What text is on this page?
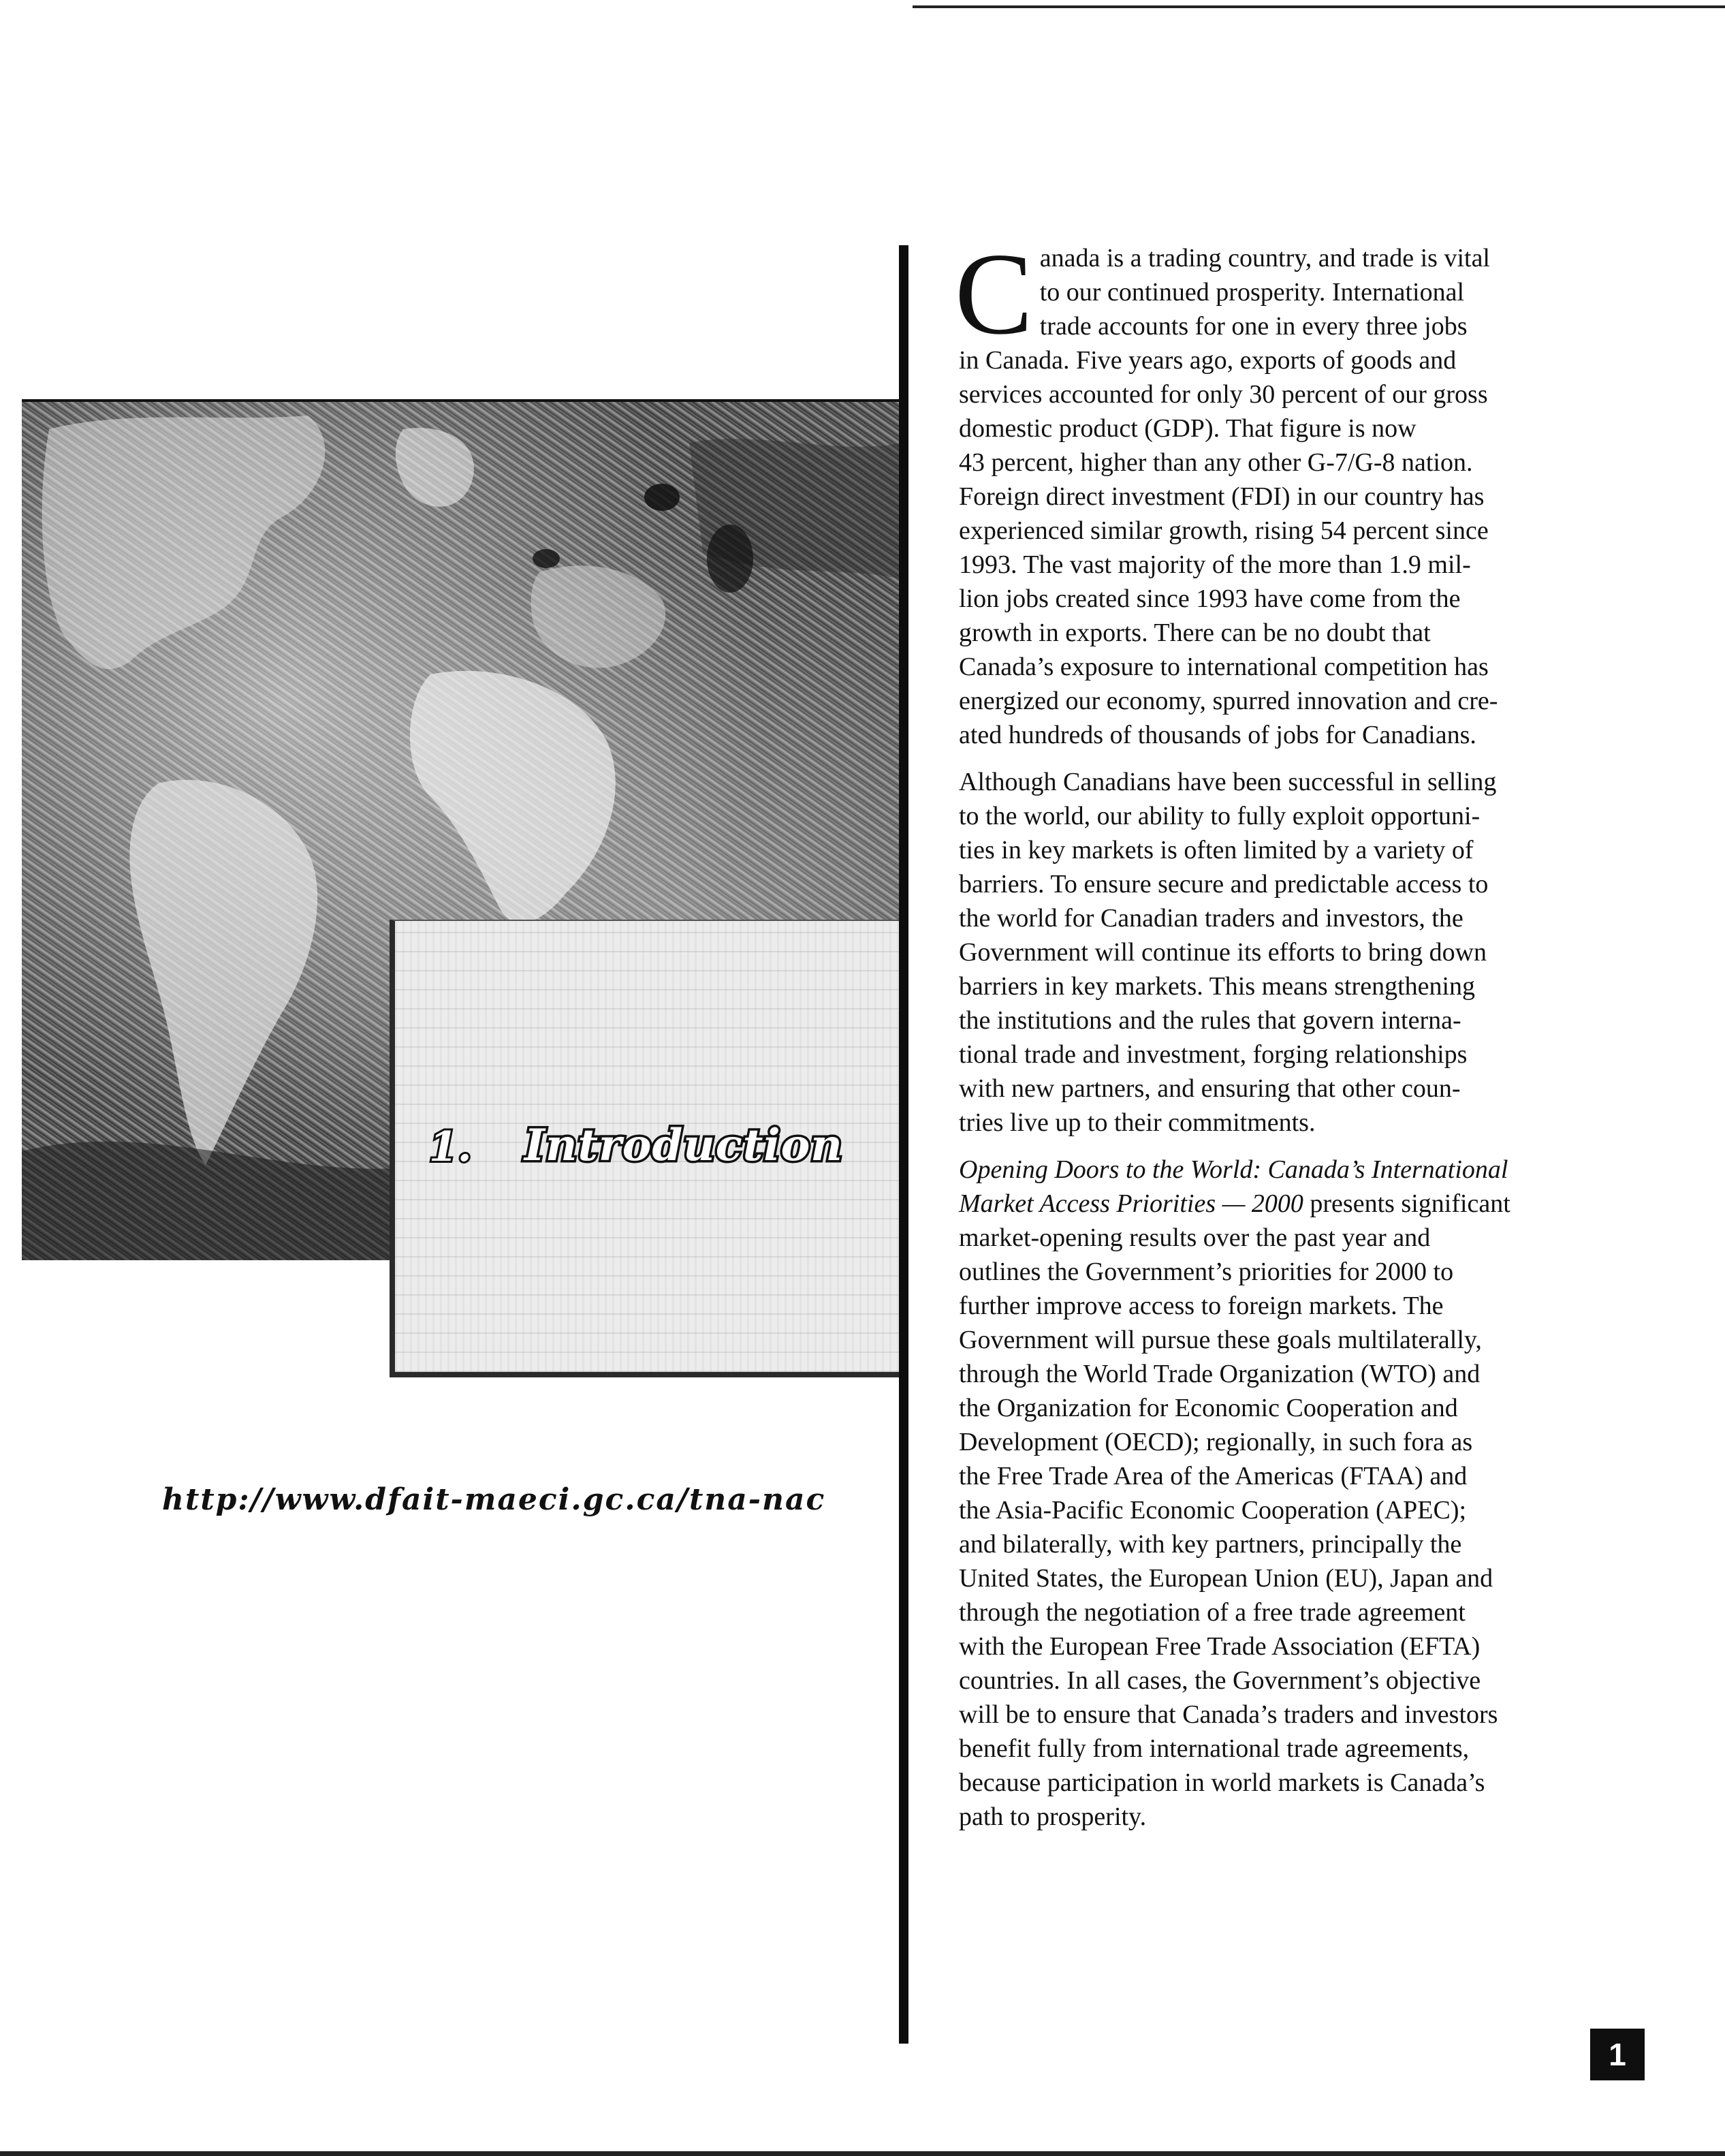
1. Introduction
http://www.dfait-maeci.gc.ca/tna-nac

C anada is a trading country, and trade is vital
to our continued prosperity. International
trade accounts for one in every three jobs
in Canada. Five years ago, exports of goods and
services accounted for only 30 percent of our gross
domestic product (GDP). That figure is now
43 percent, higher than any other G-7/G-8 nation.
Foreign direct investment (FDI) in our country has
experienced similar growth, rising 54 percent since
1993. The vast majority of the more than 1.9 mil-
lion jobs created since 1993 have come from the
growth in exports. There can be no doubt that
Canada’s exposure to international competition has
energized our economy, spurred innovation and cre-
ated hundreds of thousands of jobs for Canadians.

Although Canadians have been successful in selling
to the world, our ability to fully exploit opportuni-
ties in key markets is often limited by a variety of
barriers. To ensure secure and predictable access to
the world for Canadian traders and investors, the
Government will continue its efforts to bring down
barriers in key markets. This means strengthening
the institutions and the rules that govern interna-
tional trade and investment, forging relationships
with new partners, and ensuring that other coun-
tries live up to their commitments.

Opening Doors to the World: Canada’s International
Market Access Priorities — 2000 presents significant
market-opening results over the past year and
outlines the Government’s priorities for 2000 to
further improve access to foreign markets. The
Government will pursue these goals multilaterally,
through the World Trade Organization (WTO) and
the Organization for Economic Cooperation and
Development (OECD); regionally, in such fora as
the Free Trade Area of the Americas (FTAA) and
the Asia-Pacific Economic Cooperation (APEC);
and bilaterally, with key partners, principally the
United States, the European Union (EU), Japan and
through the negotiation of a free trade agreement
with the European Free Trade Association (EFTA)
countries. In all cases, the Government’s objective
will be to ensure that Canada’s traders and investors
benefit fully from international trade agreements,
because participation in world markets is Canada’s
path to prosperity.

1
